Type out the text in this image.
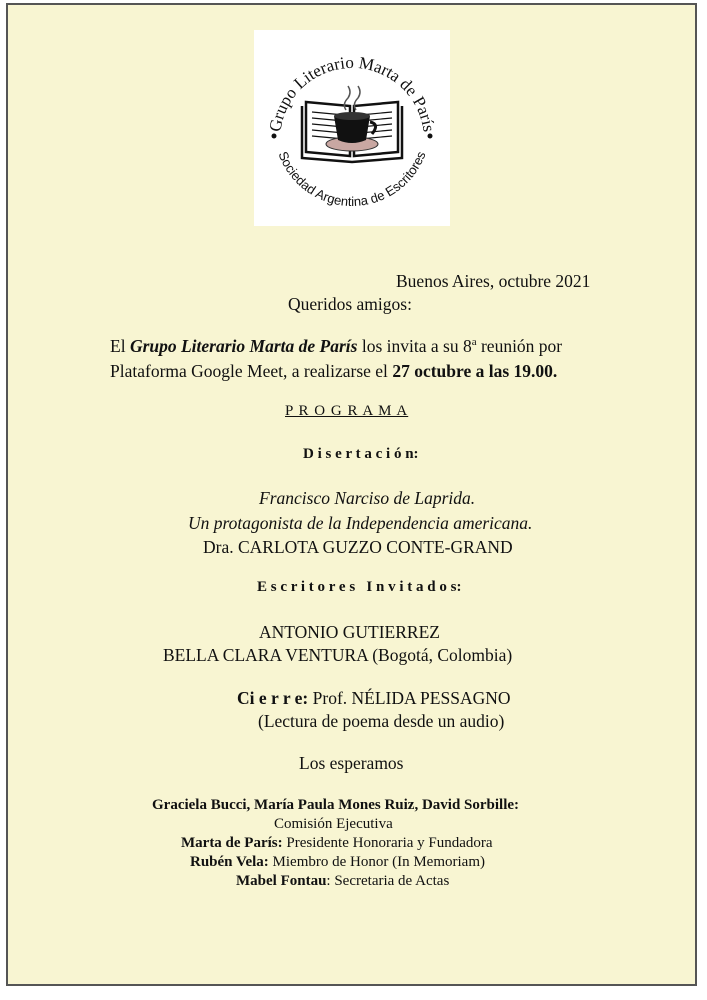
Grupo Literario Marta de París
Sociedad Argentina de Escritores
Buenos Aires, octubre 2021
Queridos amigos:
El Grupo Literario Marta de París los invita a su 8$^a$ reunión por
Plataforma Google Meet, a realizarse el 27 octubre a las 19.00.
P R O G R A M A
D i s e r t a c i ó n:
Francisco Narciso de Laprida.
Un protagonista de la Independencia americana.
Dra. CARLOTA GUZZO CONTE-GRAND
E s c r i t o r e s   I n v i t a d o s:
ANTONIO GUTIERREZ
BELLA CLARA VENTURA (Bogotá, Colombia)
Ci e r r e: Prof. NÉLIDA PESSAGNO
(Lectura de poema desde un audio)
Los esperamos
Graciela Bucci, María Paula Mones Ruiz, David Sorbille:
Comisión Ejecutiva
Marta de París: Presidente Honoraria y Fundadora
Rubén Vela: Miembro de Honor (In Memoriam)
Mabel Fontau: Secretaria de Actas
